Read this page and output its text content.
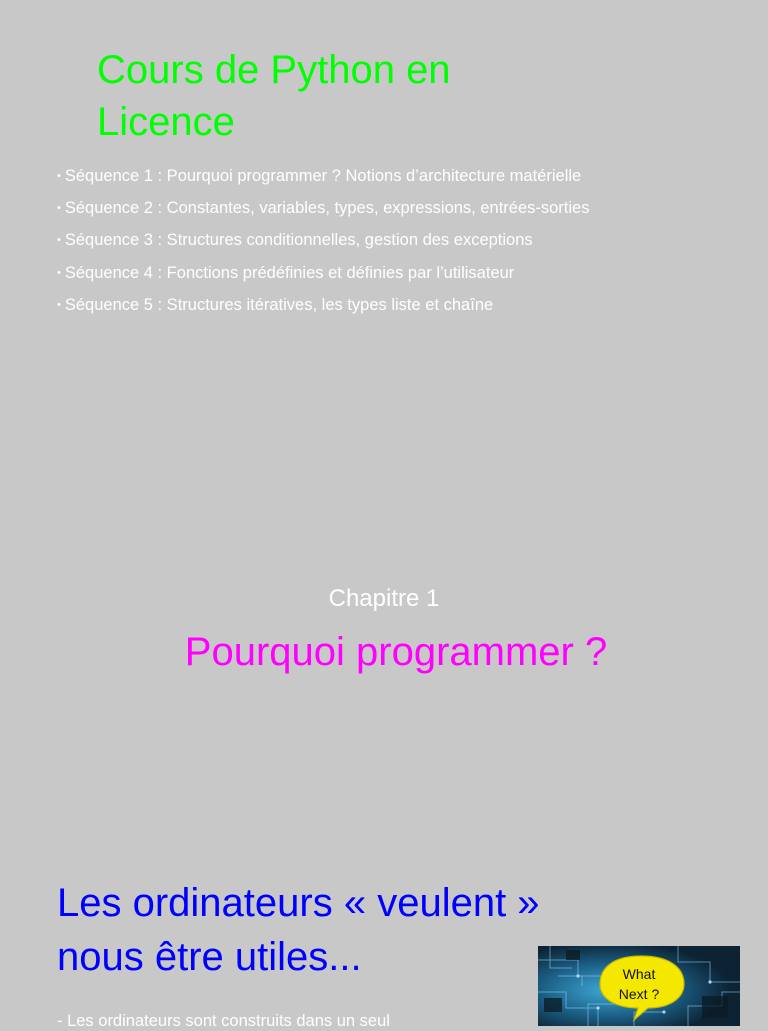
Cours de Python en Licence
• Séquence 1 : Pourquoi programmer ? Notions d’architecture matérielle
• Séquence 2 : Constantes, variables, types, expressions, entrées-sorties
• Séquence 3 : Structures conditionnelles, gestion des exceptions
• Séquence 4 : Fonctions prédéfinies et définies par l’utilisateur
• Séquence 5 : Structures itératives, les types liste et chaîne
Chapitre 1
Pourquoi programmer ?
Les ordinateurs « veulent » nous être utiles...

- Les ordinateurs sont construits dans un seul

What
Next ?
